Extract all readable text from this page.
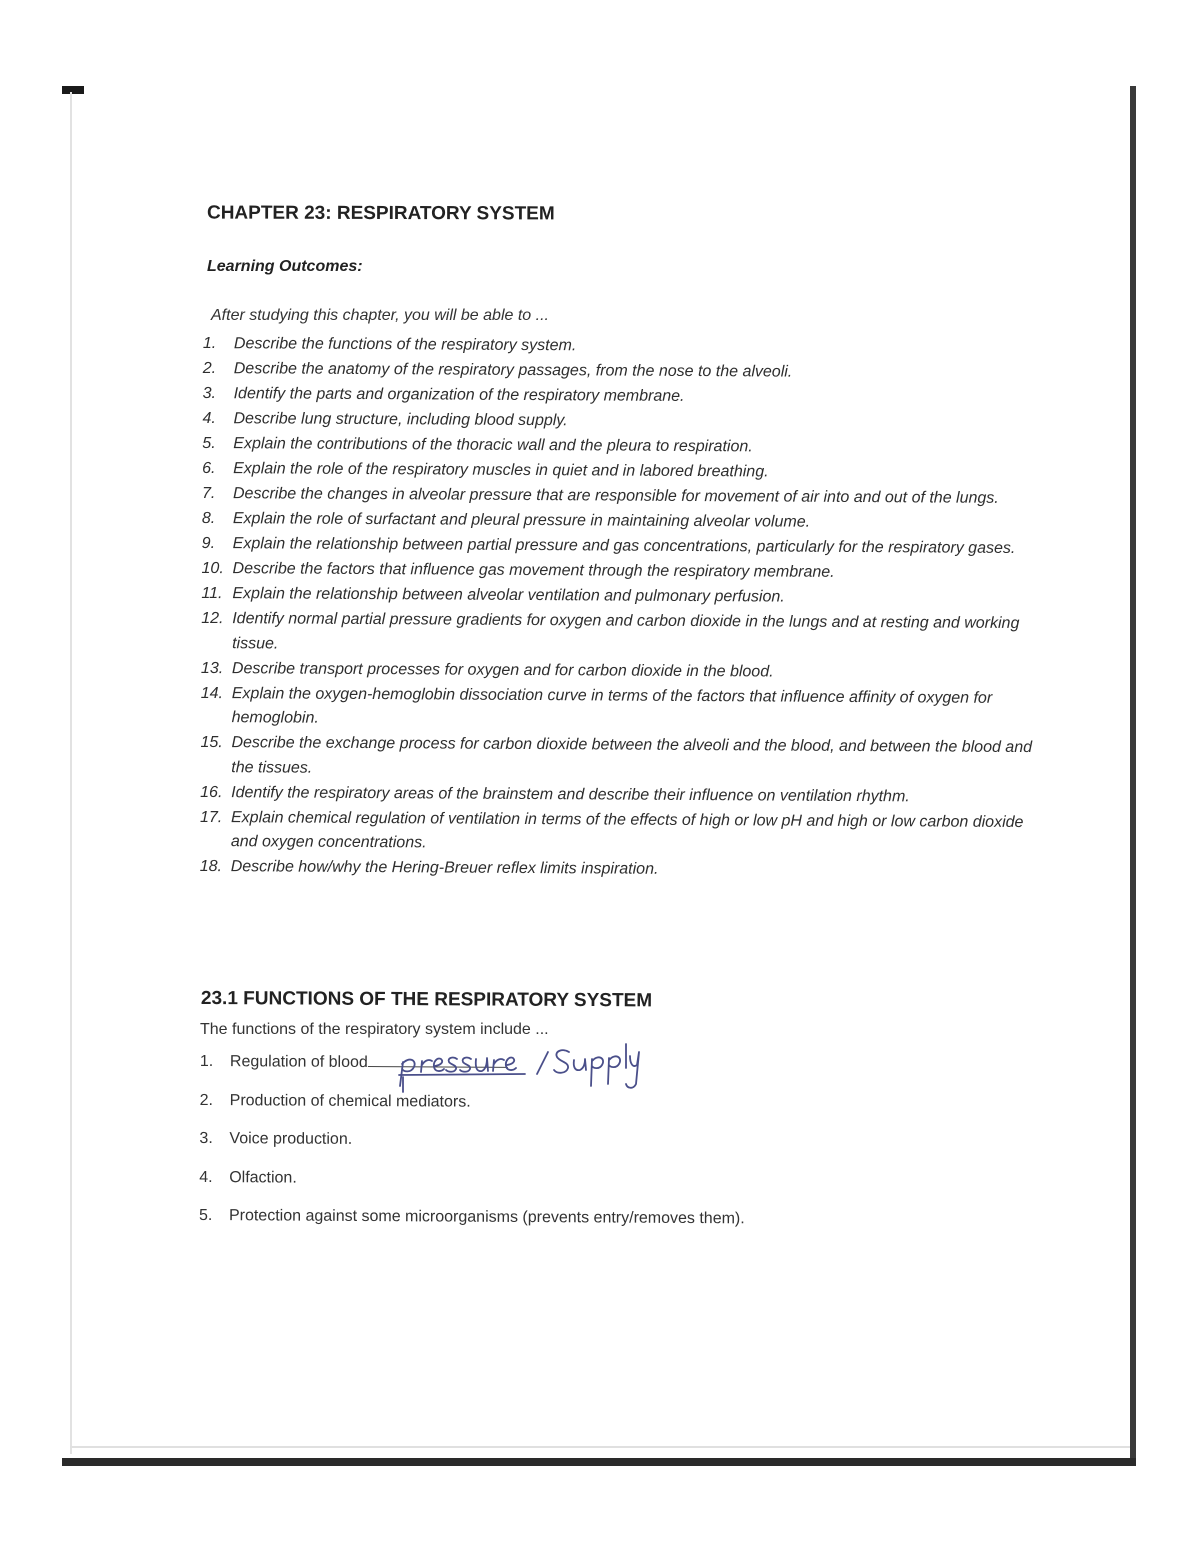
CHAPTER 23: RESPIRATORY SYSTEM
Learning Outcomes:
After studying this chapter, you will be able to ...
1. Describe the functions of the respiratory system.
2. Describe the anatomy of the respiratory passages, from the nose to the alveoli.
3. Identify the parts and organization of the respiratory membrane.
4. Describe lung structure, including blood supply.
5. Explain the contributions of the thoracic wall and the pleura to respiration.
6. Explain the role of the respiratory muscles in quiet and in labored breathing.
7. Describe the changes in alveolar pressure that are responsible for movement of air into and out of the lungs.
8. Explain the role of surfactant and pleural pressure in maintaining alveolar volume.
9. Explain the relationship between partial pressure and gas concentrations, particularly for the respiratory gases.
10. Describe the factors that influence gas movement through the respiratory membrane.
11. Explain the relationship between alveolar ventilation and pulmonary perfusion.
12. Identify normal partial pressure gradients for oxygen and carbon dioxide in the lungs and at resting and working tissue.
13. Describe transport processes for oxygen and for carbon dioxide in the blood.
14. Explain the oxygen-hemoglobin dissociation curve in terms of the factors that influence affinity of oxygen for hemoglobin.
15. Describe the exchange process for carbon dioxide between the alveoli and the blood, and between the blood and the tissues.
16. Identify the respiratory areas of the brainstem and describe their influence on ventilation rhythm.
17. Explain chemical regulation of ventilation in terms of the effects of high or low pH and high or low carbon dioxide and oxygen concentrations.
18. Describe how/why the Hering-Breuer reflex limits inspiration.
23.1 FUNCTIONS OF THE RESPIRATORY SYSTEM
The functions of the respiratory system include ...
1. Regulation of blood
2. Production of chemical mediators.
3. Voice production.
4. Olfaction.
5. Protection against some microorganisms (prevents entry/removes them).
